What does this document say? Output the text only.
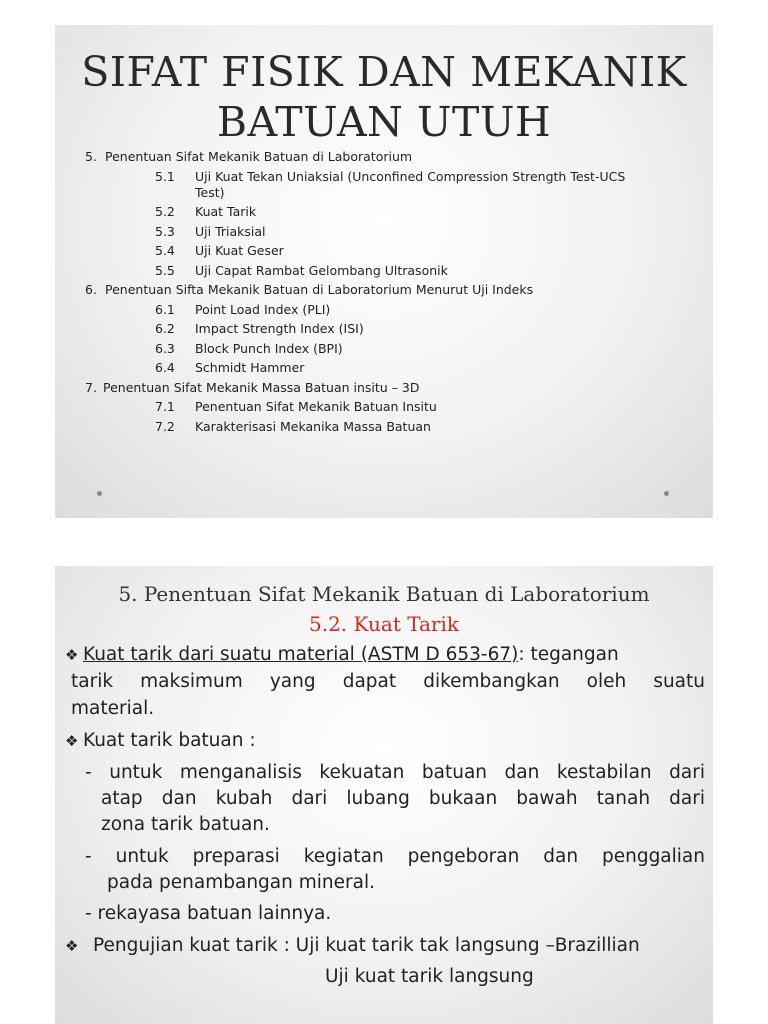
SIFAT FISIK DAN MEKANIK
BATUAN UTUH
5. Penentuan Sifat Mekanik Batuan di Laboratorium
5.1 Uji Kuat Tekan Uniaksial (Unconfined Compression Strength Test-UCS
Test)
5.2 Kuat Tarik
5.3 Uji Triaksial
5.4 Uji Kuat Geser
5.5 Uji Capat Rambat Gelombang Ultrasonik
6. Penentuan Sifta Mekanik Batuan di Laboratorium Menurut Uji Indeks
6.1 Point Load Index (PLI)
6.2 Impact Strength Index (ISI)
6.3 Block Punch Index (BPI)
6.4 Schmidt Hammer
7. Penentuan Sifat Mekanik Massa Batuan insitu – 3D
7.1 Penentuan Sifat Mekanik Batuan Insitu
7.2 Karakterisasi Mekanika Massa Batuan
5. Penentuan Sifat Mekanik Batuan di Laboratorium
5.2. Kuat Tarik
❖ Kuat tarik dari suatu material (ASTM D 653-67): tegangan
tarik maksimum yang dapat dikembangkan oleh suatu
material.
❖ Kuat tarik batuan :
- untuk menganalisis kekuatan batuan dan kestabilan dari
atap dan kubah dari lubang bukaan bawah tanah dari
zona tarik batuan.
- untuk preparasi kegiatan pengeboran dan penggalian
pada penambangan mineral.
- rekayasa batuan lainnya.
❖ Pengujian kuat tarik : Uji kuat tarik tak langsung –Brazillian
Uji kuat tarik langsung
